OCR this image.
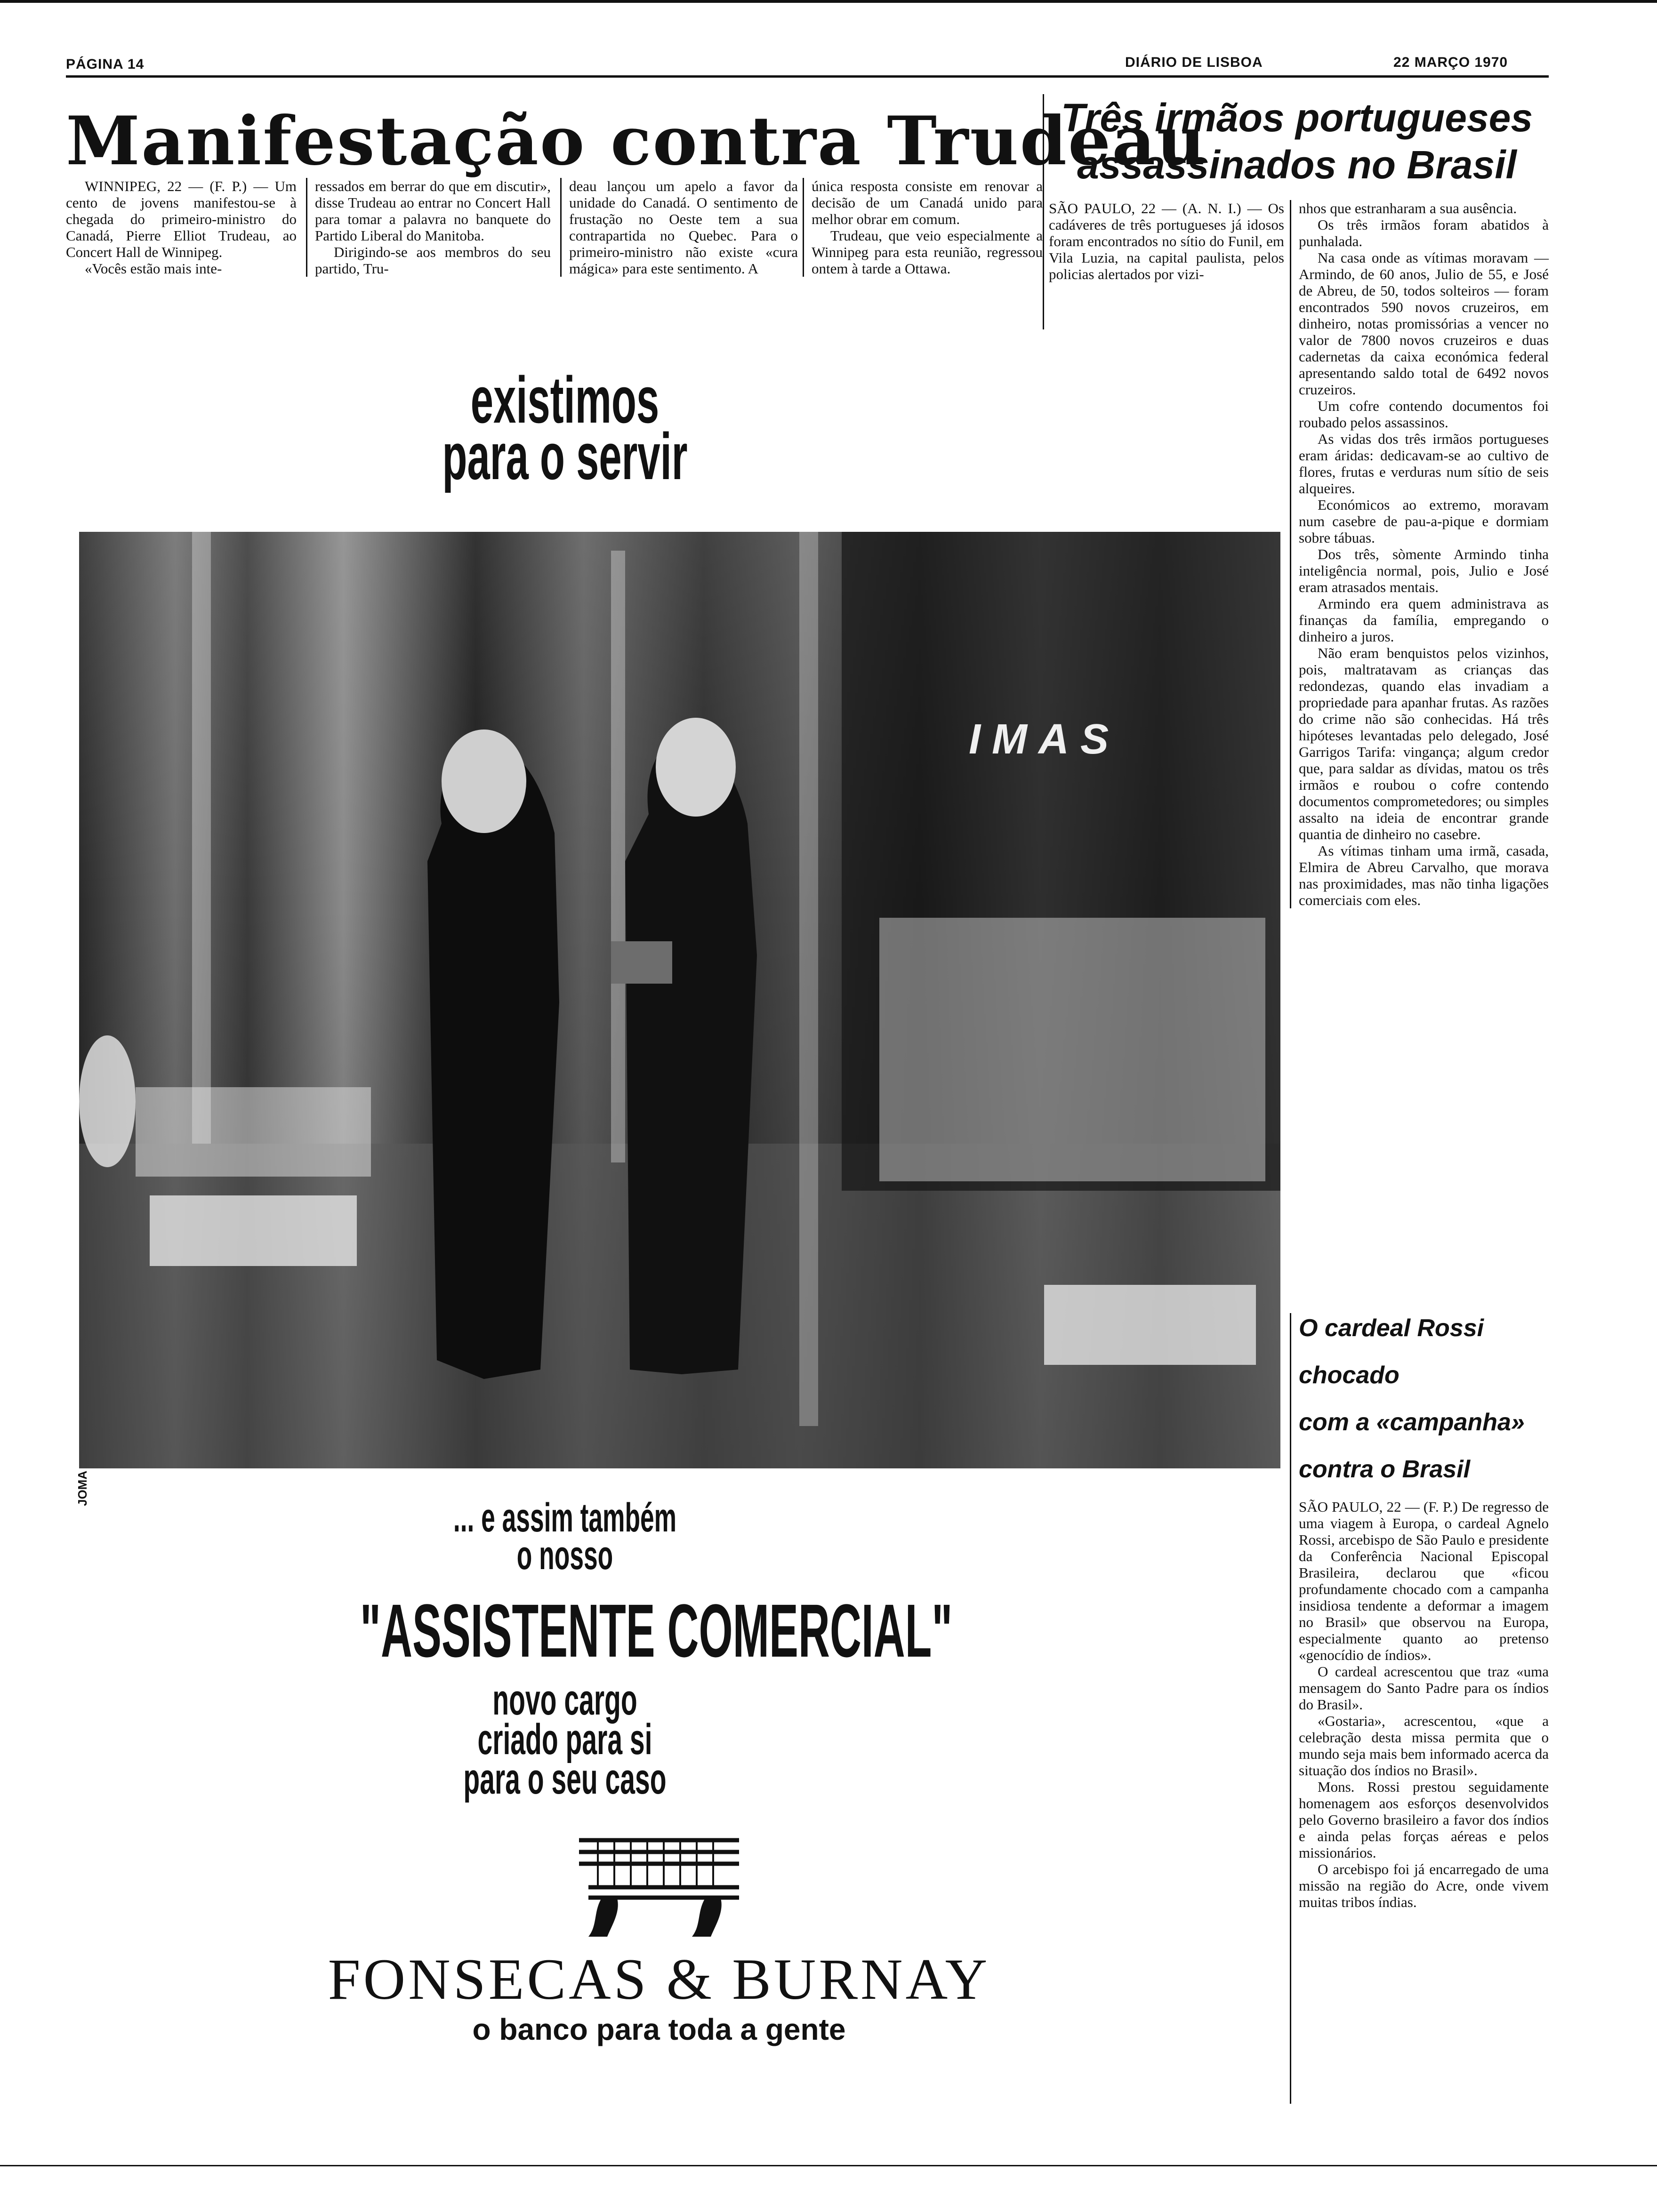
PÁGINA 14	DIÁRIO DE LISBOA	22 MARÇO 1970
Manifestação contra Trudeau

WINNIPEG, 22 — (F. P.) — Um cento de jovens manifestou-se à chegada do primeiro-ministro do Canadá, Pierre Elliot Trudeau, ao Concert Hall de Winnipeg.

«Vocês estão mais inte-

ressados em berrar do que em discutir», disse Trudeau ao entrar no Concert Hall para tomar a palavra no banquete do Partido Liberal do Manitoba.

Dirigindo-se aos membros do seu partido, Tru-

deau lançou um apelo a favor da unidade do Canadá. O sentimento de frustação no Oeste tem a sua contrapartida no Quebec. Para o primeiro-ministro não existe «cura mágica» para este sentimento. A

única resposta consiste em renovar a decisão de um Canadá unido para melhor obrar em comum.

Trudeau, que veio especialmente a Winnipeg para esta reunião, regressou ontem à tarde a Ottawa.

Três irmãos portugueses assassinados no Brasil

SÃO PAULO, 22 — (A. N. I.) — Os cadáveres de três portugueses já idosos foram encontrados no sítio do Funil, em Vila Luzia, na capital paulista, pelos policias alertados por vizi-

nhos que estranharam a sua ausência.

Os três irmãos foram abatidos à punhalada.

Na casa onde as vítimas moravam — Armindo, de 60 anos, Julio de 55, e José de Abreu, de 50, todos solteiros — foram encontrados 590 novos cruzeiros, em dinheiro, notas promissórias a vencer no valor de 7800 novos cruzeiros e duas cadernetas da caixa económica federal apresentando saldo total de 6492 novos cruzeiros.

Um cofre contendo documentos foi roubado pelos assassinos.

As vidas dos três irmãos portugueses eram áridas: dedicavam-se ao cultivo de flores, frutas e verduras num sítio de seis alqueires.

Económicos ao extremo, moravam num casebre de pau-a-pique e dormiam sobre tábuas.

Dos três, sòmente Armindo tinha inteligência normal, pois, Julio e José eram atrasados mentais.

Armindo era quem administrava as finanças da família, empregando o dinheiro a juros.

Não eram benquistos pelos vizinhos, pois, maltratavam as crianças das redondezas, quando elas invadiam a propriedade para apanhar frutas. As razões do crime não são conhecidas. Há três hipóteses levantadas pelo delegado, José Garrigos Tarifa: vingança; algum credor que, para saldar as dívidas, matou os três irmãos e roubou o cofre contendo documentos comprometedores; ou simples assalto na ideia de encontrar grande quantia de dinheiro no casebre.

As vítimas tinham uma irmã, casada, Elmira de Abreu Carvalho, que morava nas proximidades, mas não tinha ligações comerciais com eles.

O cardeal Rossi
chocado
com a «campanha»
contra o Brasil

SÃO PAULO, 22 — (F. P.) De regresso de uma viagem à Europa, o cardeal Agnelo Rossi, arcebispo de São Paulo e presidente da Conferência Nacional Episcopal Brasileira, declarou que «ficou profundamente chocado com a campanha insidiosa tendente a deformar a imagem no Brasil» que observou na Europa, especialmente quanto ao pretenso «genocídio de índios».

O cardeal acrescentou que traz «uma mensagem do Santo Padre para os índios do Brasil».

«Gostaria», acrescentou, «que a celebração desta missa permita que o mundo seja mais bem informado acerca da situação dos índios no Brasil».

Mons. Rossi prestou seguidamente homenagem aos esforços desenvolvidos pelo Governo brasileiro a favor dos índios e ainda pelas forças aéreas e pelos missionários.

O arcebispo foi já encarregado de uma missão na região do Acre, onde vivem muitas tribos índias.

existimos
para o servir
IMAS
JOMA
... e assim também
o nosso
"ASSISTENTE COMERCIAL"
novo cargo
criado para si
para o seu caso
FONSECAS & BURNAY
o banco para toda a gente
